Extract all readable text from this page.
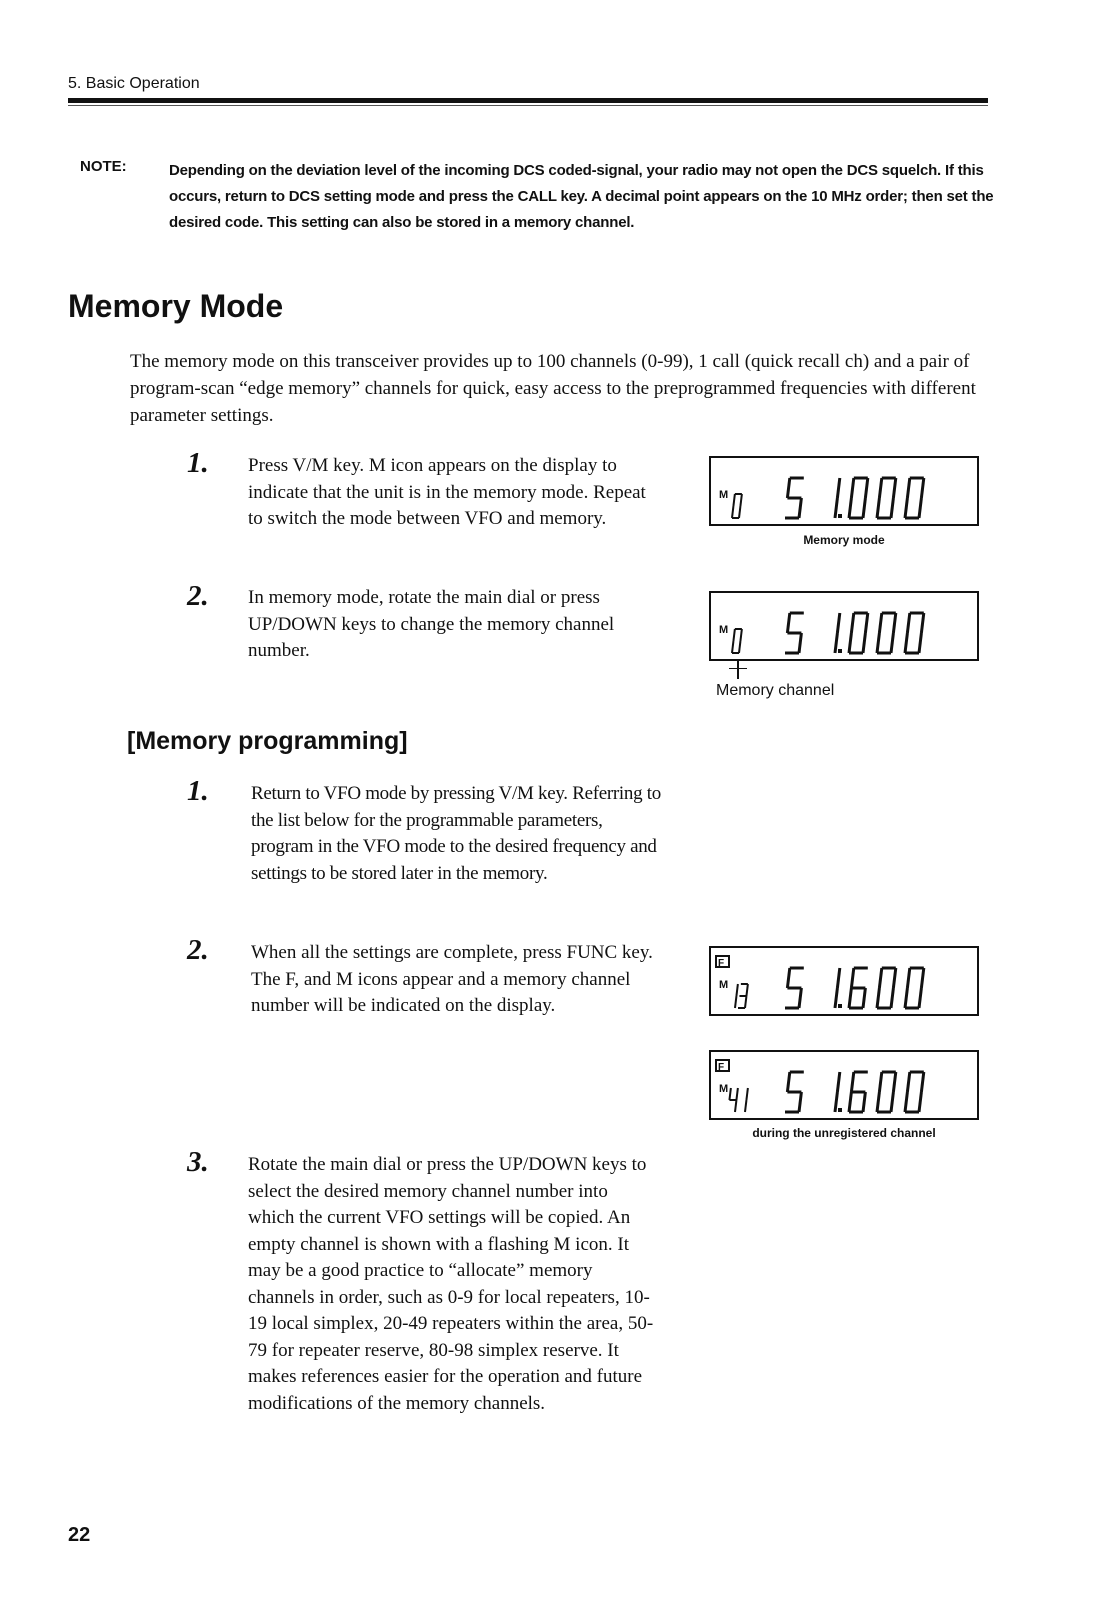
5. Basic Operation
NOTE:	Depending on the deviation level of the incoming DCS coded-signal, your radio may not open the DCS squelch. If this occurs, return to DCS setting mode and press the CALL key. A decimal point appears on the 10 MHz order; then set the desired code. This setting can also be stored in a memory channel.
Memory Mode
The memory mode on this transceiver provides up to 100 channels (0-99), 1 call (quick recall ch) and a pair of program-scan “edge memory” channels for quick, easy access to the preprogrammed frequencies with different parameter settings.
1. Press V/M key. M icon appears on the display to indicate that the unit is in the memory mode. Repeat to switch the mode between VFO and memory.
2. In memory mode, rotate the main dial or press UP/DOWN keys to change the memory channel number.
[Memory programming]
1. Return to VFO mode by pressing V/M key. Referring to the list below for the programmable parameters, program in the VFO mode to the desired frequency and settings to be stored later in the memory.
2. When all the settings are complete, press FUNC key. The F, and M icons appear and a memory channel number will be indicated on the display.
3. Rotate the main dial or press the UP/DOWN keys to select the desired memory channel number into which the current VFO settings will be copied. An empty channel is shown with a flashing M icon. It may be a good practice to “allocate” memory channels in order, such as 0-9 for local repeaters, 10-19 local simplex, 20-49 repeaters within the area, 50-79 for repeater reserve, 80-98 simplex reserve. It makes references easier for the operation and future modifications of the memory channels.
M
Memory mode
M
Memory channel
F
M
F
M
during the unregistered channel
22
